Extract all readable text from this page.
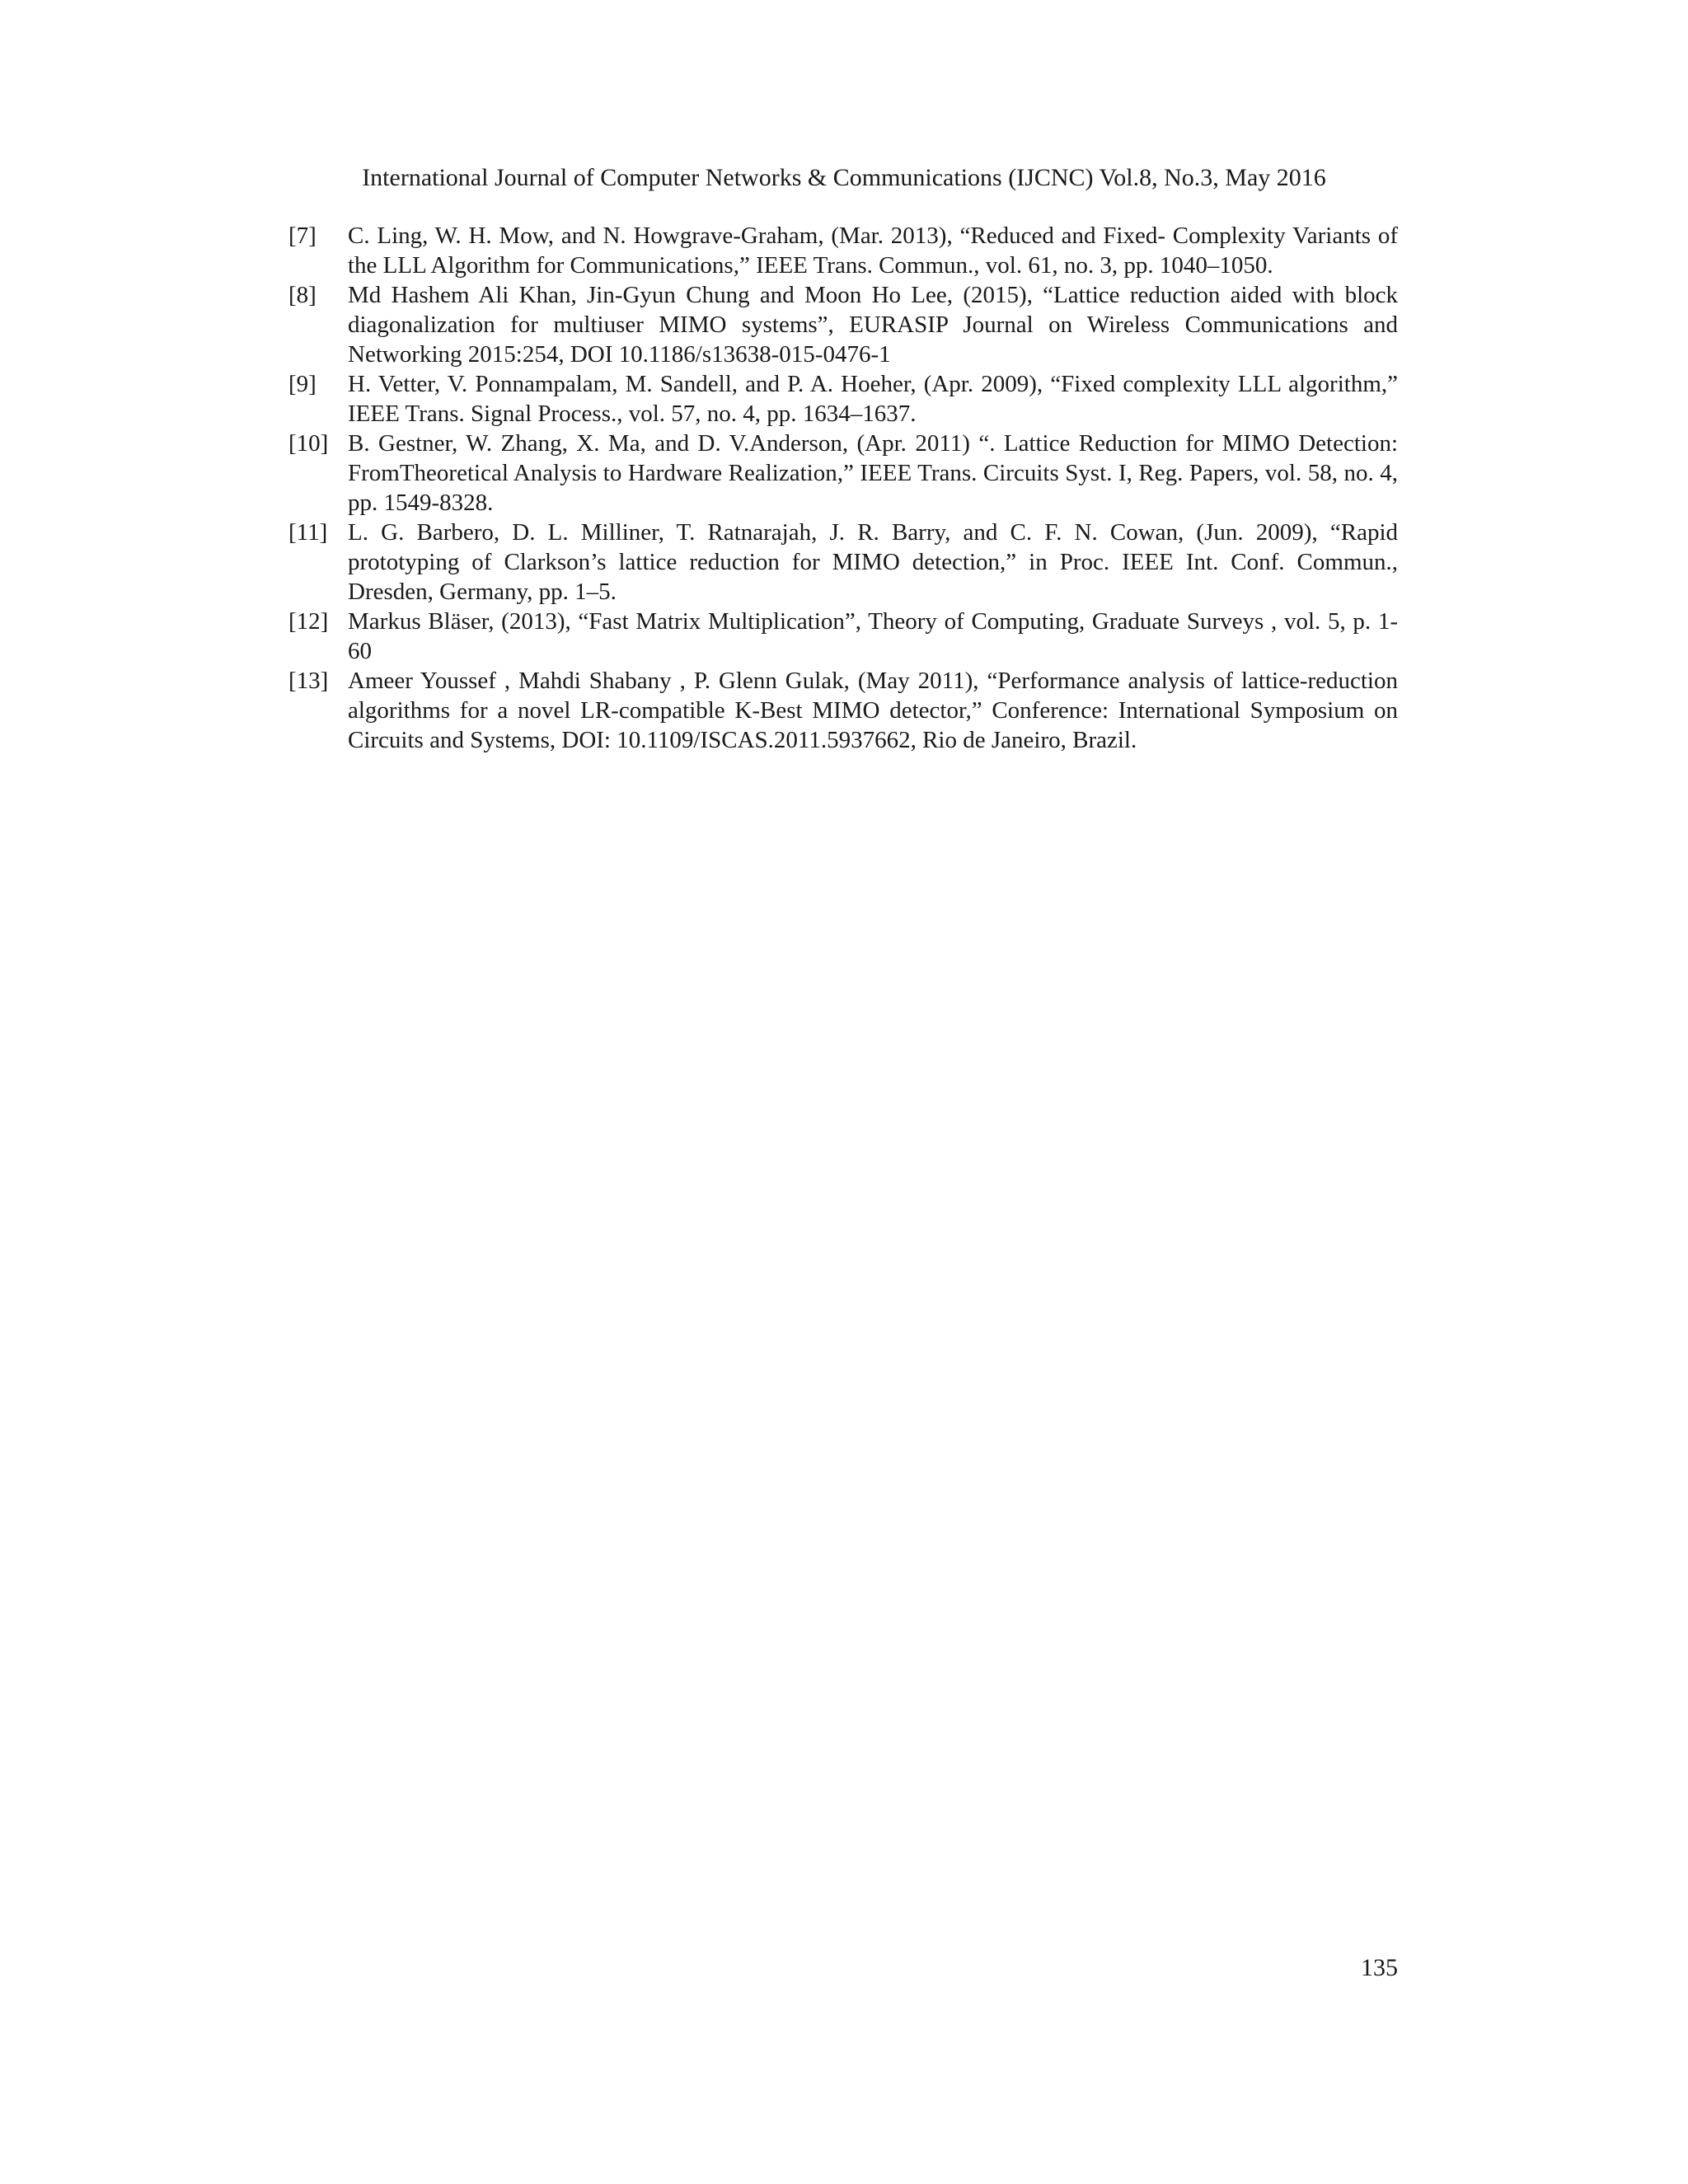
International Journal of Computer Networks & Communications (IJCNC) Vol.8, No.3, May 2016
[7] C. Ling, W. H. Mow, and N. Howgrave-Graham, (Mar. 2013), “Reduced and Fixed- Complexity Variants of the LLL Algorithm for Communications,” IEEE Trans. Commun., vol. 61, no. 3, pp. 1040–1050.
[8] Md Hashem Ali Khan, Jin-Gyun Chung and Moon Ho Lee, (2015), “Lattice reduction aided with block diagonalization for multiuser MIMO systems”, EURASIP Journal on Wireless Communications and Networking 2015:254, DOI 10.1186/s13638-015-0476-1
[9] H. Vetter, V. Ponnampalam, M. Sandell, and P. A. Hoeher, (Apr. 2009), “Fixed complexity LLL algorithm,” IEEE Trans. Signal Process., vol. 57, no. 4, pp. 1634–1637.
[10] B. Gestner, W. Zhang, X. Ma, and D. V.Anderson, (Apr. 2011) “. Lattice Reduction for MIMO Detection: FromTheoretical Analysis to Hardware Realization,” IEEE Trans. Circuits Syst. I, Reg. Papers, vol. 58, no. 4, pp. 1549-8328.
[11] L. G. Barbero, D. L. Milliner, T. Ratnarajah, J. R. Barry, and C. F. N. Cowan, (Jun. 2009), “Rapid prototyping of Clarkson’s lattice reduction for MIMO detection,” in Proc. IEEE Int. Conf. Commun., Dresden, Germany, pp. 1–5.
[12] Markus Bläser, (2013), “Fast Matrix Multiplication”, Theory of Computing, Graduate Surveys , vol. 5, p. 1-60
[13] Ameer Youssef , Mahdi Shabany , P. Glenn Gulak, (May 2011), “Performance analysis of lattice-reduction algorithms for a novel LR-compatible K-Best MIMO detector,” Conference: International Symposium on Circuits and Systems, DOI: 10.1109/ISCAS.2011.5937662, Rio de Janeiro, Brazil.
135
